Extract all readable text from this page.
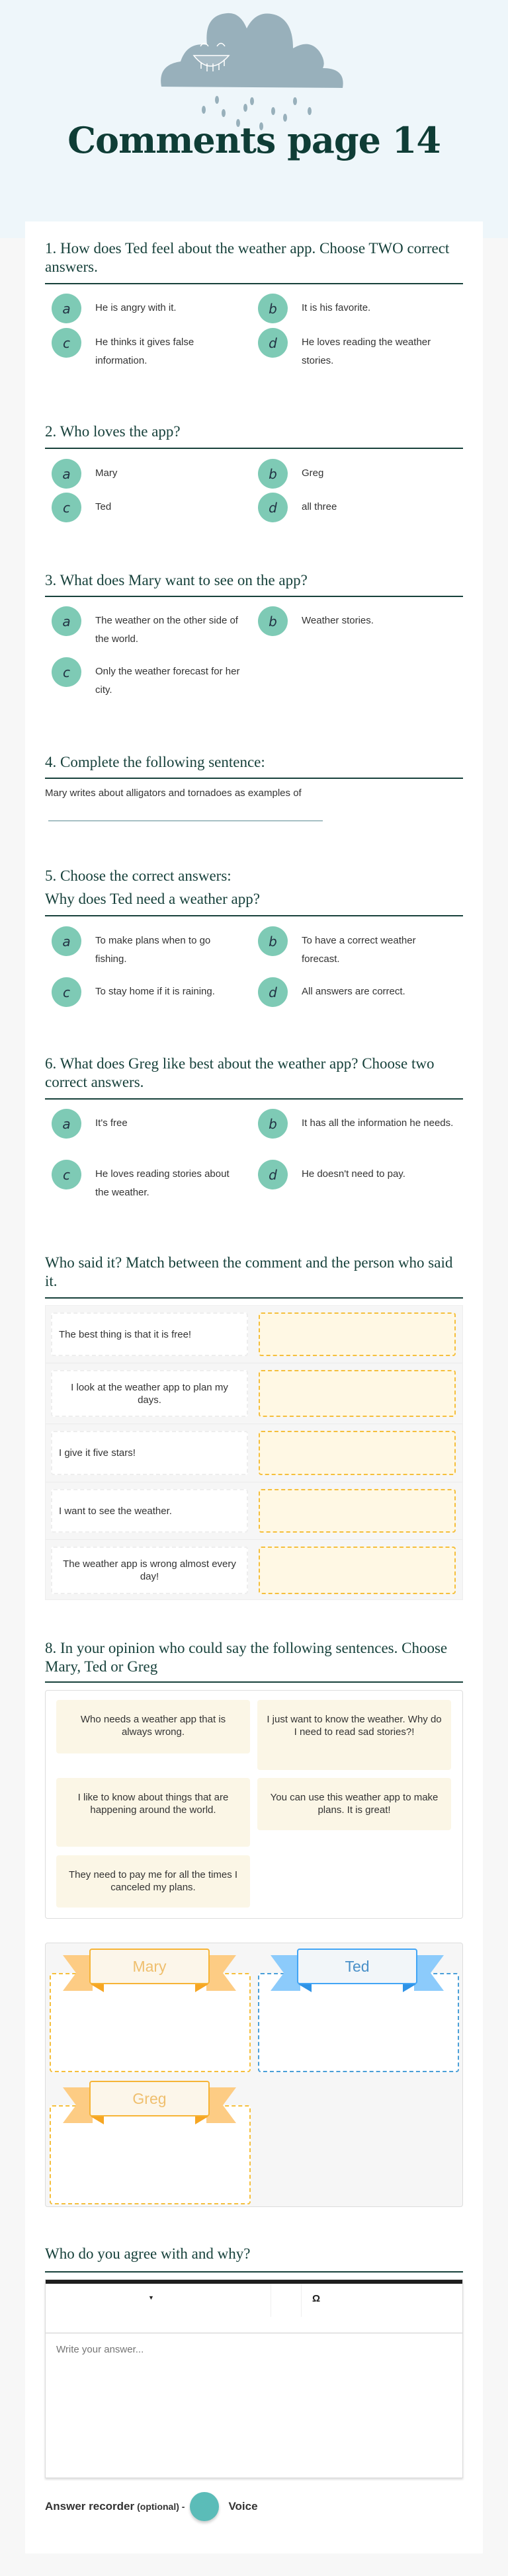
Comments page 14
1. How does Ted feel about the weather app. Choose TWO correct answers.
a	He is angry with it.	b	It is his favorite.
c	He thinks it gives false information.
d	He loves reading the weather stories.
2. Who loves the app?
a	Mary	b	Greg
c	Ted	d	all three
3. What does Mary want to see on the app?
a	The weather on the other side of the world.
b	Weather stories.
c	Only the weather forecast for her city.
4. Complete the following sentence:
Mary writes about alligators and tornadoes as examples of
5. Choose the correct answers:
Why does Ted need a weather app?
a	To make plans when to go fishing.
b	To have a correct weather forecast.
c	To stay home if it is raining.	d	All answers are correct.
6. What does Greg like best about the weather app? Choose two correct answers.
a	It's free	b	It has all the information he needs.
c	He loves reading stories about the weather.
d	He doesn't need to pay.
Who said it? Match between the comment and the person who said it.
The best thing is that it is free!
I look at the weather app to plan my days.
I give it five stars!
I want to see the weather.
The weather app is wrong almost every day!
8. In your opinion who could say the following sentences. Choose Mary, Ted or Greg
Who needs a weather app that is always wrong.
I just want to know the weather. Why do I need to read sad stories?!
I like to know about things that are happening around the world.
You can use this weather app to make plans. It is great!
They need to pay me for all the times I canceled my plans.
Mary	Ted
Greg
Who do you agree with and why?
▼	Ω
Write your answer...
Answer recorder (optional) -	Voice
